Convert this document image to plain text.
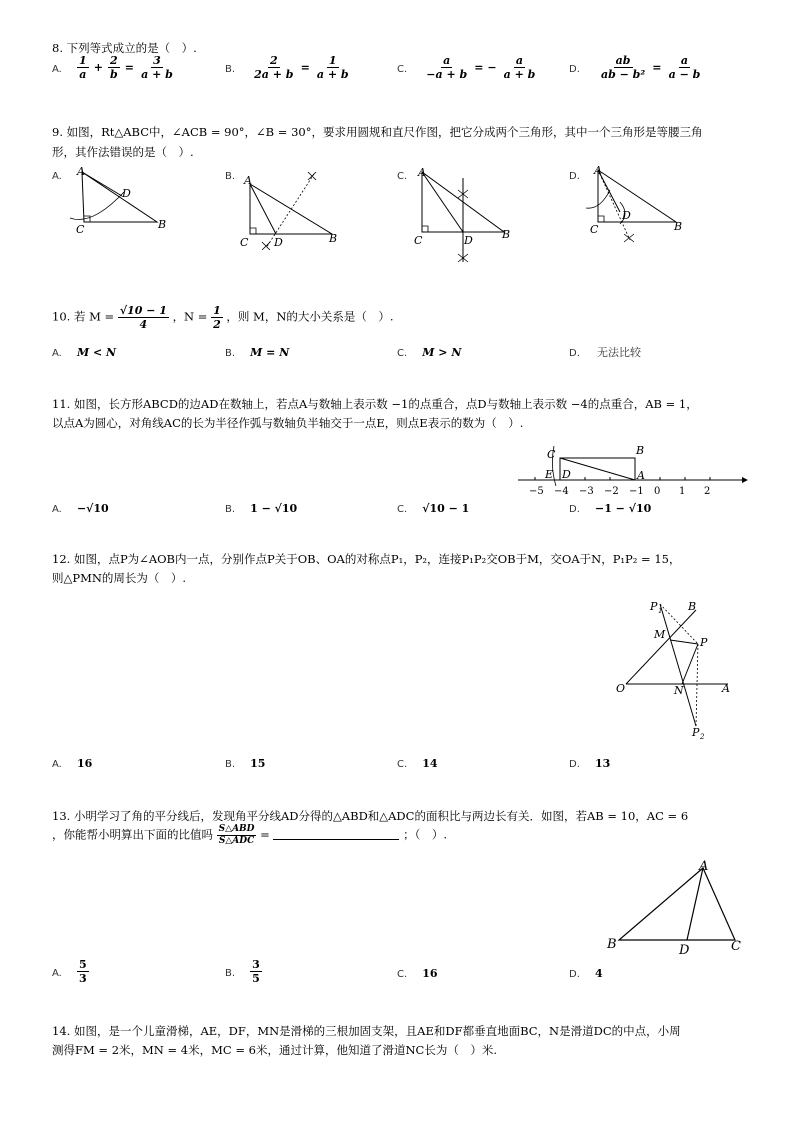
8. 下列等式成立的是（　）.
A. $\frac{1}{a} + \frac{2}{b} = \frac{3}{a + b}$	B. $\frac{2}{2a + b} = \frac{1}{a + b}$	C. $\frac{a}{-a + b}$ = − $\frac{a}{a + b}$	D. $\frac{ab}{\text{ab − b²}} = \frac{a}{a - b}$
9. 如图，Rt△ABC中，∠ACB = 90°，∠B = 30°，要求用圆规和直尺作图，把它分成两个三角形，其中一个三角形是等腰三角
形，其作法错误的是（　）.
A.	B.	C.	D.
A
D
C	B
A
C D	B
A
C	D	B
A
D
C	B
10. 若 $M = \frac{√10 - 1}{4}$ ，$N = \frac{1}{2}$ ，则 M，N的大小关系是（　）.
A. M < N	B. M = N	C. M > N	D. 无法比较
11. 如图，长方形ABCD的边AD在数轴上，若点A与数轴上表示数 −1的点重合，点D与数轴上表示数 −4的点重合，AB = 1，
以点A为圆心，对角线AC的长为半径作弧与数轴负半轴交于一点E，则点E表示的数为（　）.
−5 −4 −3 −2 −1 0 1 2
C	B
D
E	A
A. −√10	B. 1 − √10	C. √10 − 1	D. −1 − √10
12. 如图，点P为∠AOB内一点，分别作点P关于OB、OA的对称点P₁，P₂，连接P₁P₂交OB于M，交OA于N，P₁P₂ = 15，
则△PMN的周长为（　）.
P 1 B
M
P
O	N	A
P 2
A. 16	B. 15	C. 14	D. 13
13. 小明学习了角的平分线后，发现角平分线AD分得的△ABD和△ADC的面积比与两边长有关．如图，若AB = 10，AC = 6
，你能帮小明算出下面的比值吗 $\frac{\text{S△ABD}}{\text{S△ADC}}$ =	；（　）.
A
B	D	C
A. $\frac{5}{3}$	B. $\frac{3}{5}$	C. 16	D. 4
14. 如图，是一个儿童滑梯，AE，DF，MN是滑梯的三根加固支架，且AE和DF都垂直地面BC，N是滑道DC的中点，小周
测得FM = 2米，MN = 4米，MC = 6米，通过计算，他知道了滑道NC长为（　）米.
